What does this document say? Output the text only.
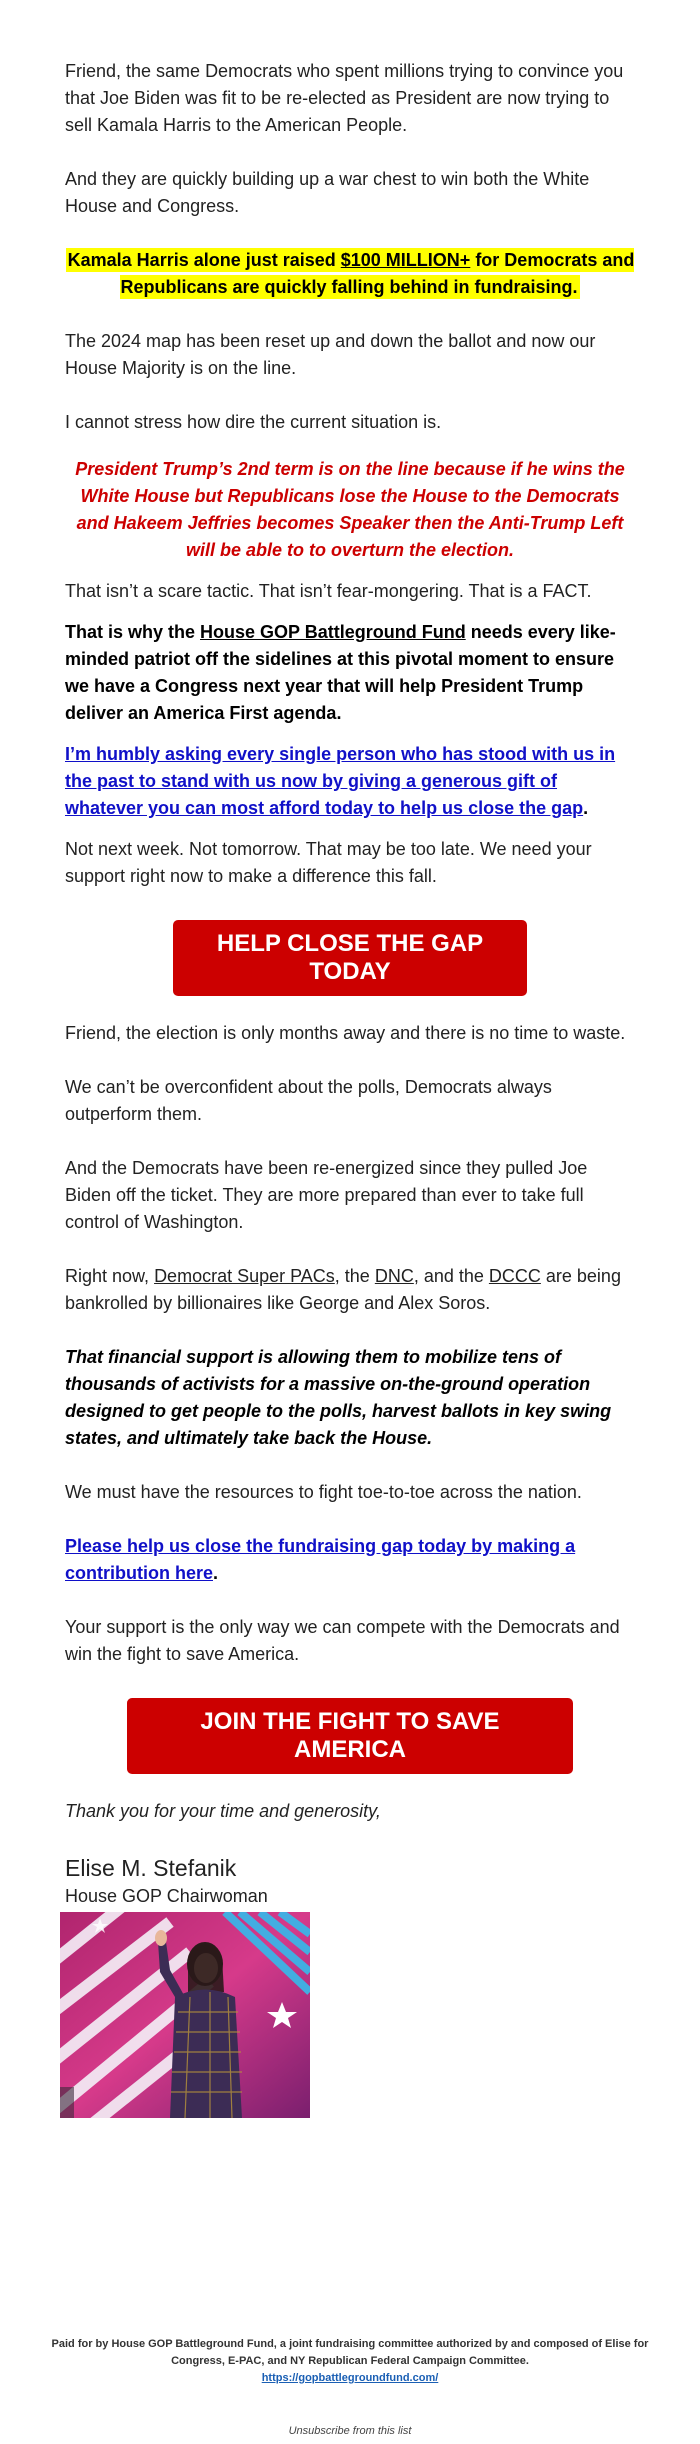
Friend, the same Democrats who spent millions trying to convince you that Joe Biden was fit to be re-elected as President are now trying to sell Kamala Harris to the American People.

And they are quickly building up a war chest to win both the White House and Congress.

Kamala Harris alone just raised $100 MILLION+ for Democrats and Republicans are quickly falling behind in fundraising.

The 2024 map has been reset up and down the ballot and now our House Majority is on the line.

I cannot stress how dire the current situation is.

President Trump’s 2nd term is on the line because if he wins the White House but Republicans lose the House to the Democrats and Hakeem Jeffries becomes Speaker then the Anti-Trump Left will be able to to overturn the election.

That isn’t a scare tactic. That isn’t fear-mongering. That is a FACT.

That is why the House GOP Battleground Fund needs every like-minded patriot off the sidelines at this pivotal moment to ensure we have a Congress next year that will help President Trump deliver an America First agenda.

I’m humbly asking every single person who has stood with us in the past to stand with us now by giving a generous gift of whatever you can most afford today to help us close the gap.

Not next week. Not tomorrow. That may be too late. We need your support right now to make a difference this fall.

HELP CLOSE THE GAP TODAY

Friend, the election is only months away and there is no time to waste.

We can’t be overconfident about the polls, Democrats always outperform them.

And the Democrats have been re-energized since they pulled Joe Biden off the ticket. They are more prepared than ever to take full control of Washington.

Right now, Democrat Super PACs, the DNC, and the DCCC are being bankrolled by billionaires like George and Alex Soros.

That financial support is allowing them to mobilize tens of thousands of activists for a massive on-the-ground operation designed to get people to the polls, harvest ballots in key swing states, and ultimately take back the House.

We must have the resources to fight toe-to-toe across the nation.

Please help us close the fundraising gap today by making a contribution here.

Your support is the only way we can compete with the Democrats and win the fight to save America.

JOIN THE FIGHT TO SAVE AMERICA

Thank you for your time and generosity,

Elise M. Stefanik

House GOP Chairwoman

Paid for by House GOP Battleground Fund, a joint fundraising committee authorized by and composed of Elise for Congress, E-PAC, and NY Republican Federal Campaign Committee.
https://gopbattlegroundfund.com/
Unsubscribe from this list
